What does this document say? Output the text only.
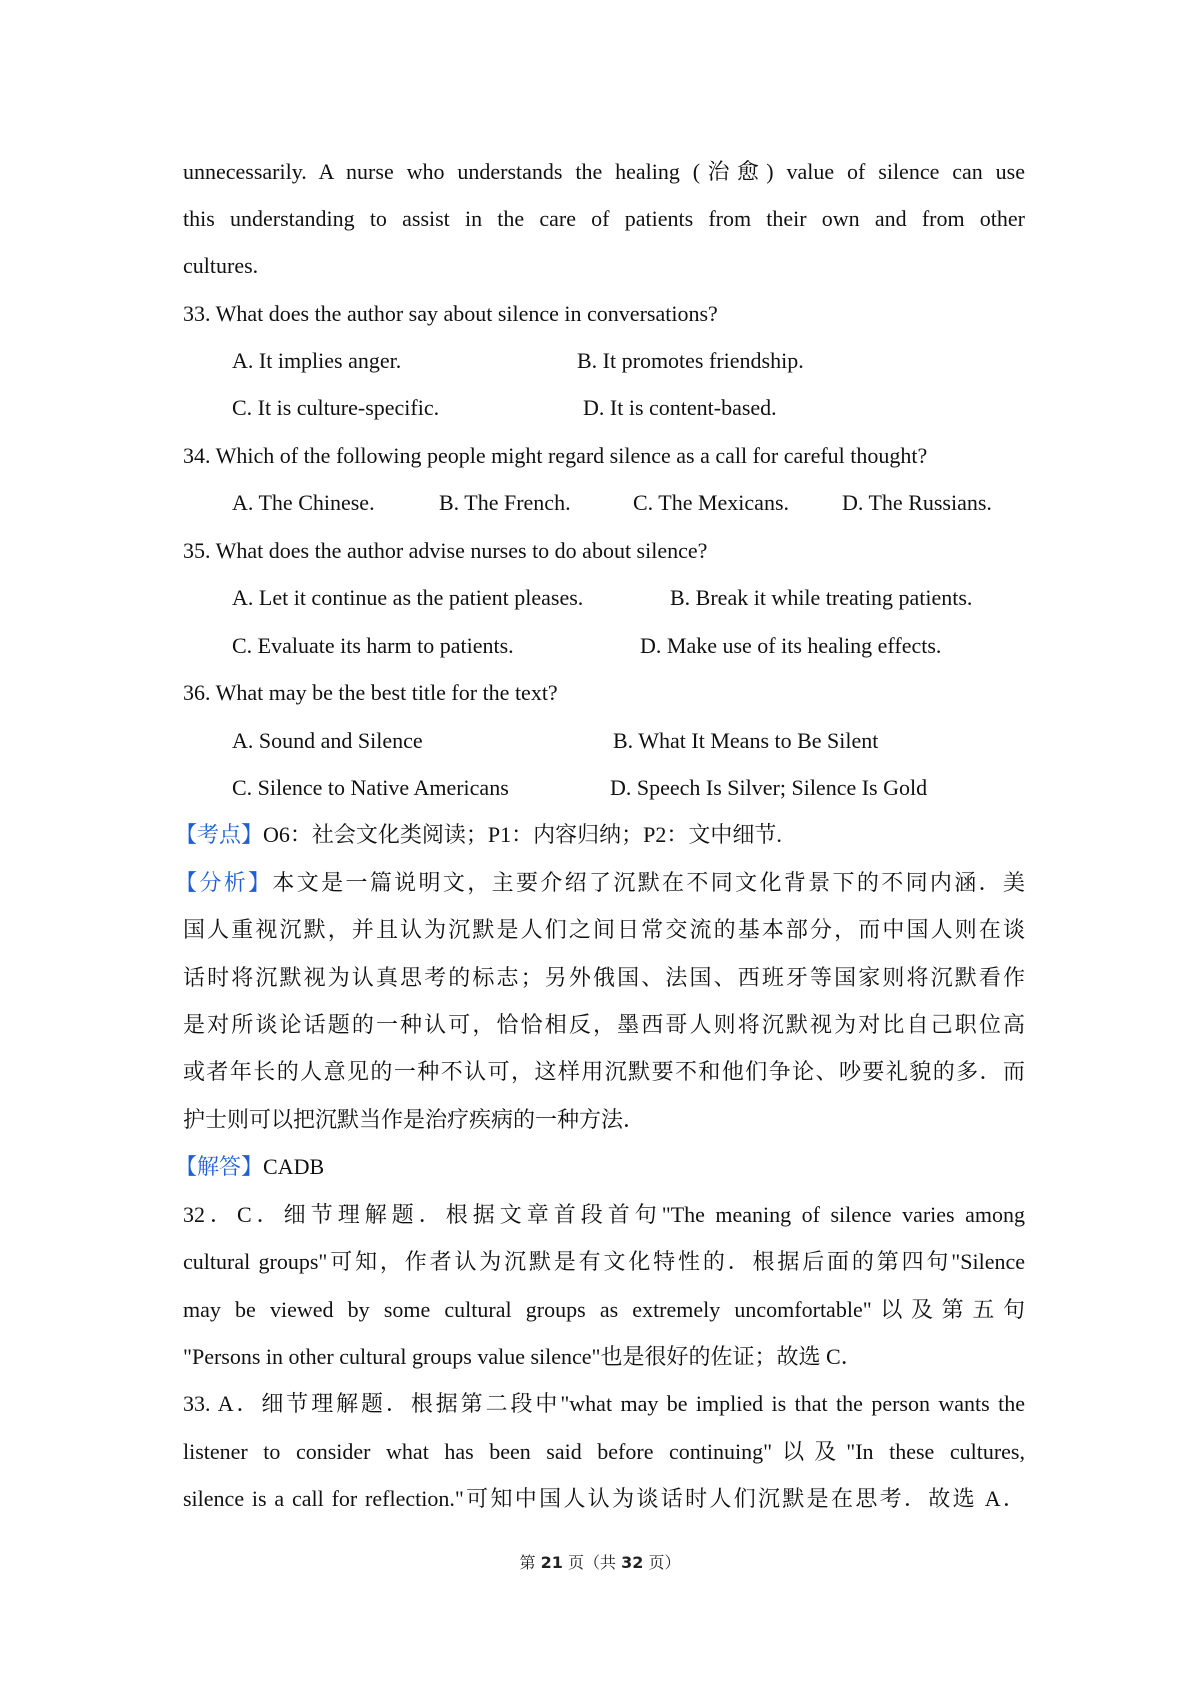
unnecessarily. A nurse who understands the healing (治愈) value of silence can use
this understanding to assist in the care of patients from their own and from other
cultures.
33. What does the author say about silence in conversations?
A. It implies anger.	B. It promotes friendship.
C. It is culture-specific.	D. It is content-based.
34. Which of the following people might regard silence as a call for careful thought?
A. The Chinese.	B. The French.	C. The Mexicans. D. The Russians.
35. What does the author advise nurses to do about silence?
A. Let it continue as the patient pleases.	B. Break it while treating patients.
C. Evaluate its harm to patients.	D. Make use of its healing effects.
36. What may be the best title for the text?
A. Sound and Silence	B. What It Means to Be Silent
C. Silence to Native Americans	D. Speech Is Silver; Silence Is Gold
【考点】O6：社会文化类阅读；P1：内容归纳；P2：文中细节.
【分析】本文是一篇说明文，主要介绍了沉默在不同文化背景下的不同内涵．美
国人重视沉默，并且认为沉默是人们之间日常交流的基本部分，而中国人则在谈
话时将沉默视为认真思考的标志；另外俄国、法国、西班牙等国家则将沉默看作
是对所谈论话题的一种认可，恰恰相反，墨西哥人则将沉默视为对比自己职位高
或者年长的人意见的一种不认可，这样用沉默要不和他们争论、吵要礼貌的多．而
护士则可以把沉默当作是治疗疾病的一种方法．
【解答】CADB
32．C．细节理解题．根据文章首段首句"The meaning of silence varies among
cultural groups"可知，作者认为沉默是有文化特性的．根据后面的第四句"Silence
may be viewed by some cultural groups as extremely uncomfortable"以及第五句
"Persons in other cultural groups value silence"也是很好的佐证；故选 C．
33. A．细节理解题．根据第二段中"what may be implied is that the person wants the
listener to consider what has been said before continuing"以及"In these cultures,
silence is a call for reflection."可知中国人认为谈话时人们沉默是在思考．故选 A．
第 21 页（共 32 页）
